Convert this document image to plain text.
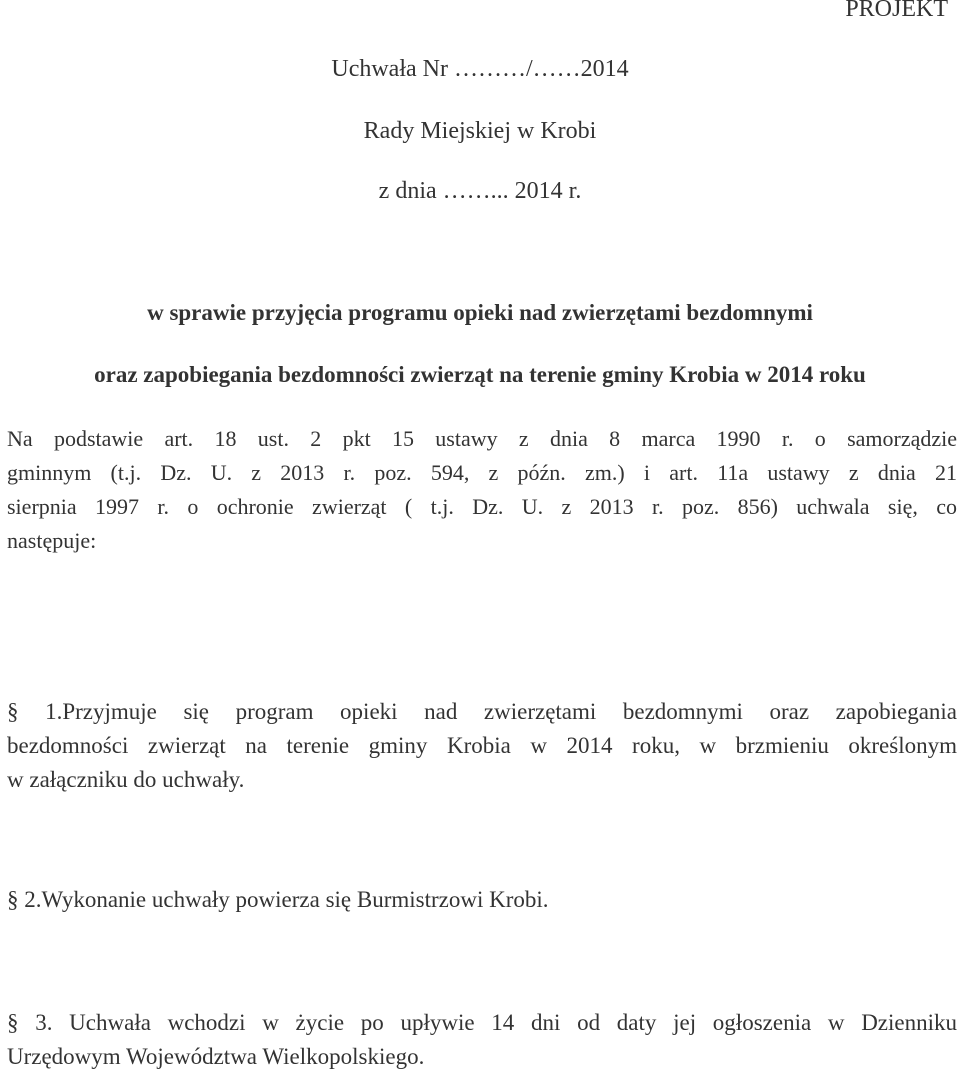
PROJEKT
Uchwała Nr ………/……2014
Rady Miejskiej w Krobi
z dnia ……... 2014 r.
w sprawie przyjęcia programu opieki nad zwierzętami bezdomnymi
oraz zapobiegania bezdomności zwierząt na terenie gminy Krobia w 2014 roku
Na podstawie art. 18 ust. 2 pkt 15 ustawy z dnia 8 marca 1990 r. o samorządzie
gminnym (t.j. Dz. U. z 2013 r. poz. 594, z późn. zm.) i art. 11a ustawy z dnia 21
sierpnia 1997 r. o ochronie zwierząt ( t.j. Dz. U. z 2013 r. poz. 856) uchwala się, co
następuje:
§ 1.Przyjmuje się program opieki nad zwierzętami bezdomnymi oraz zapobiegania
bezdomności zwierząt na terenie gminy Krobia w 2014 roku, w brzmieniu określonym
w załączniku do uchwały.
§ 2.Wykonanie uchwały powierza się Burmistrzowi Krobi.
§ 3. Uchwała wchodzi w życie po upływie 14 dni od daty jej ogłoszenia w Dzienniku
Urzędowym Województwa Wielkopolskiego.
